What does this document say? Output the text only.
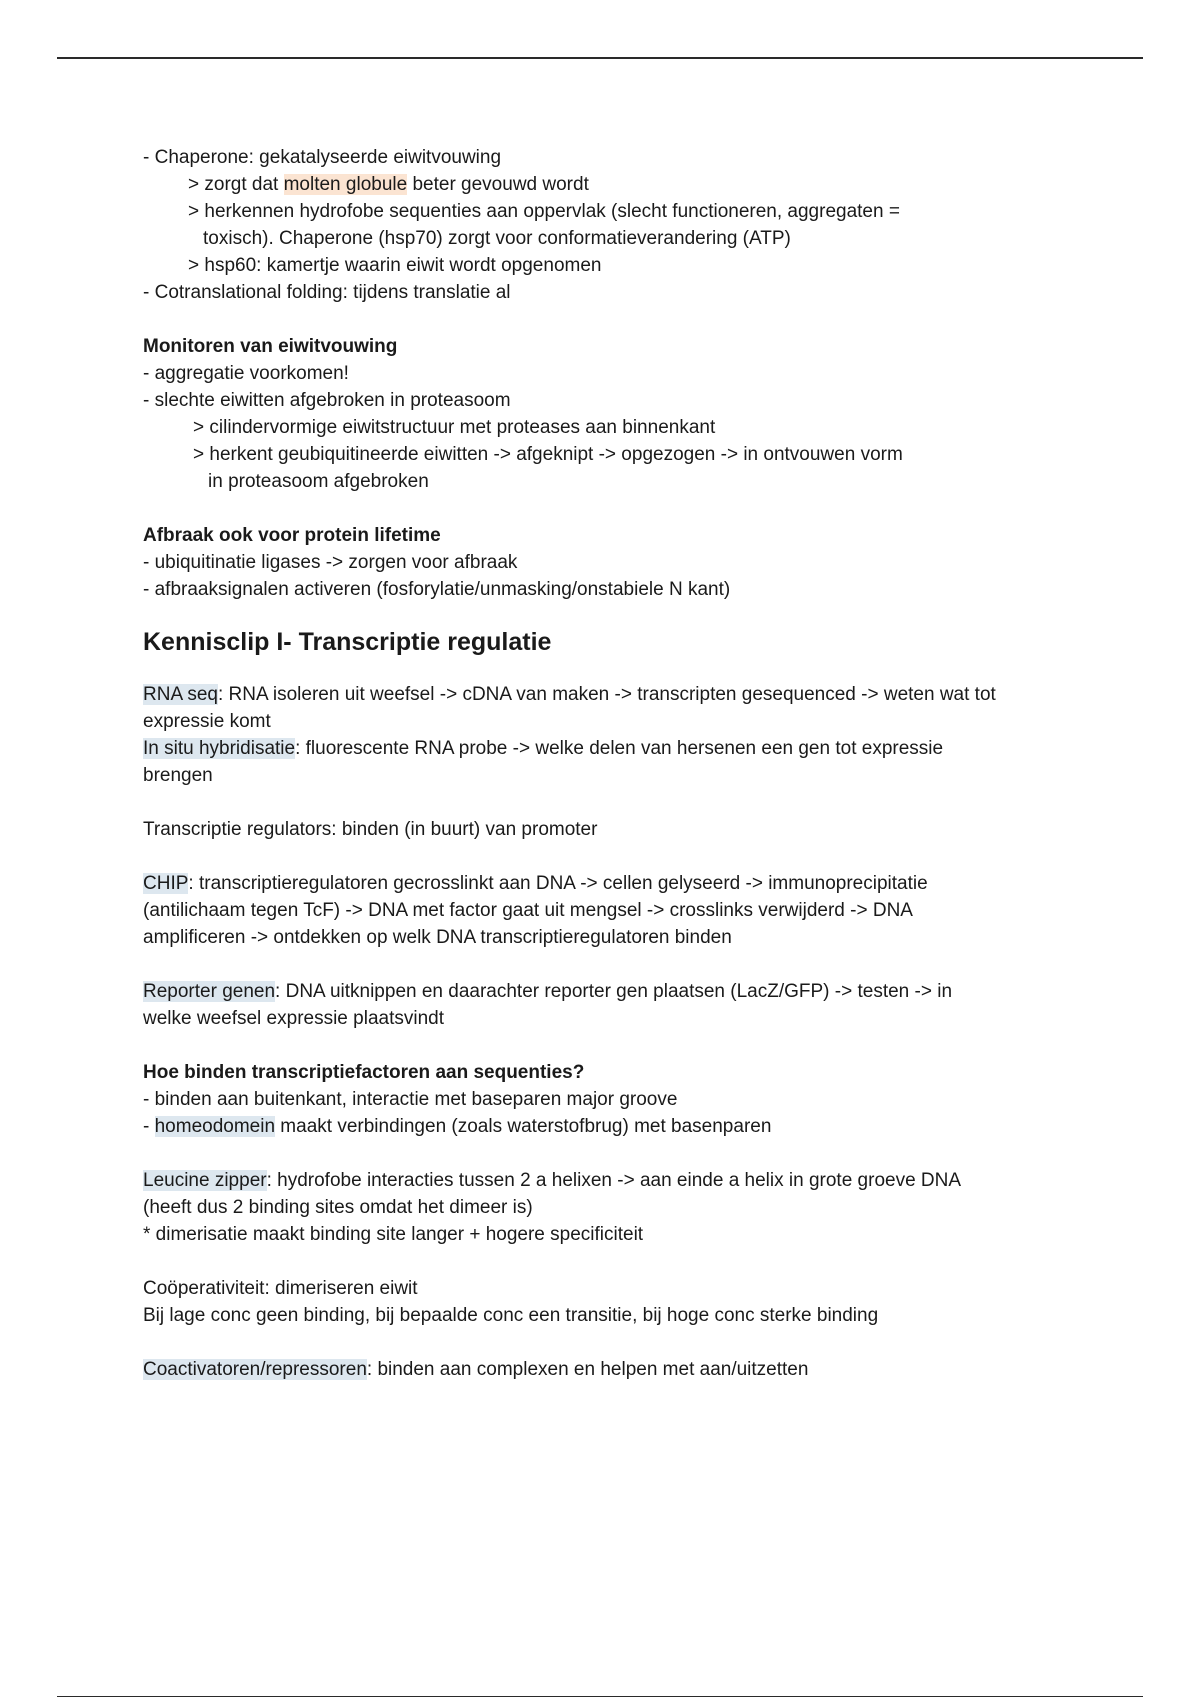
- Chaperone: gekatalyseerde eiwitvouwing
> zorgt dat molten globule beter gevouwd wordt
> herkennen hydrofobe sequenties aan oppervlak (slecht functioneren, aggregaten =
toxisch). Chaperone (hsp70) zorgt voor conformatieverandering (ATP)
> hsp60: kamertje waarin eiwit wordt opgenomen
- Cotranslational folding: tijdens translatie al
Monitoren van eiwitvouwing
- aggregatie voorkomen!
- slechte eiwitten afgebroken in proteasoom
> cilindervormige eiwitstructuur met proteases aan binnenkant
> herkent geubiquitineerde eiwitten -> afgeknipt -> opgezogen -> in ontvouwen vorm
in proteasoom afgebroken
Afbraak ook voor protein lifetime
- ubiquitinatie ligases -> zorgen voor afbraak
- afbraaksignalen activeren (fosforylatie/unmasking/onstabiele N kant)
Kennisclip I- Transcriptie regulatie
RNA seq: RNA isoleren uit weefsel -> cDNA van maken -> transcripten gesequenced -> weten wat tot
expressie komt
In situ hybridisatie: fluorescente RNA probe -> welke delen van hersenen een gen tot expressie
brengen
Transcriptie regulators: binden (in buurt) van promoter
CHIP: transcriptieregulatoren gecrosslinkt aan DNA -> cellen gelyseerd -> immunoprecipitatie
(antilichaam tegen TcF) -> DNA met factor gaat uit mengsel -> crosslinks verwijderd -> DNA
amplificeren -> ontdekken op welk DNA transcriptieregulatoren binden
Reporter genen: DNA uitknippen en daarachter reporter gen plaatsen (LacZ/GFP) -> testen -> in
welke weefsel expressie plaatsvindt
Hoe binden transcriptiefactoren aan sequenties?
- binden aan buitenkant, interactie met baseparen major groove
- homeodomein maakt verbindingen (zoals waterstofbrug) met basenparen
Leucine zipper: hydrofobe interacties tussen 2 a helixen -> aan einde a helix in grote groeve DNA
(heeft dus 2 binding sites omdat het dimeer is)
* dimerisatie maakt binding site langer + hogere specificiteit
Coöperativiteit: dimeriseren eiwit
Bij lage conc geen binding, bij bepaalde conc een transitie, bij hoge conc sterke binding
Coactivatoren/repressoren: binden aan complexen en helpen met aan/uitzetten
